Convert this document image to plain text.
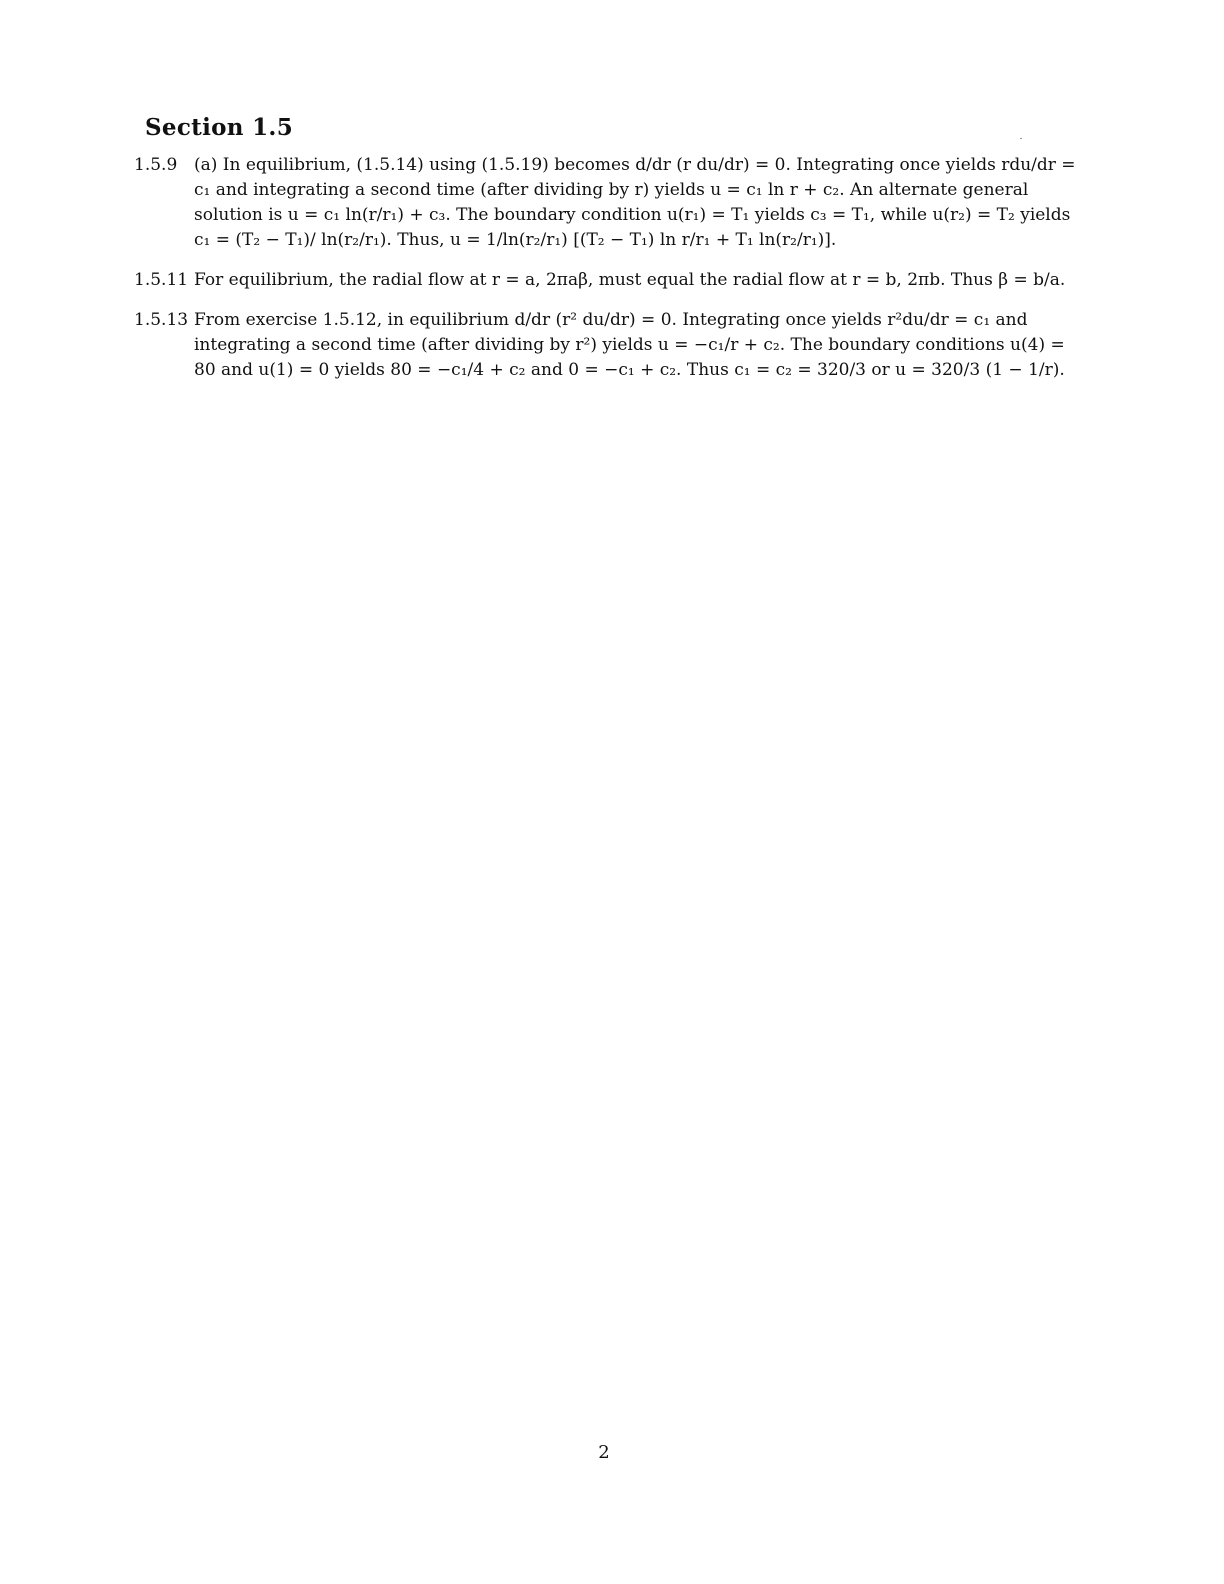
Section 1.5
1.5.9 (a) In equilibrium, (1.5.14) using (1.5.19) becomes d/dr (r du/dr) = 0. Integrating once yields rdu/dr = c₁ and integrating a second time (after dividing by r) yields u = c₁ ln r + c₂. An alternate general solution is u = c₁ ln(r/r₁) + c₃. The boundary condition u(r₁) = T₁ yields c₃ = T₁, while u(r₂) = T₂ yields c₁ = (T₂ − T₁)/ ln(r₂/r₁). Thus, u = 1/ln(r₂/r₁) [(T₂ − T₁) ln r/r₁ + T₁ ln(r₂/r₁)].
1.5.11 For equilibrium, the radial flow at r = a, 2πaβ, must equal the radial flow at r = b, 2πb. Thus β = b/a.
1.5.13 From exercise 1.5.12, in equilibrium d/dr (r² du/dr) = 0. Integrating once yields r²du/dr = c₁ and integrating a second time (after dividing by r²) yields u = −c₁/r + c₂. The boundary conditions u(4) = 80 and u(1) = 0 yields 80 = −c₁/4 + c₂ and 0 = −c₁ + c₂. Thus c₁ = c₂ = 320/3 or u = 320/3 (1 − 1/r).
2
